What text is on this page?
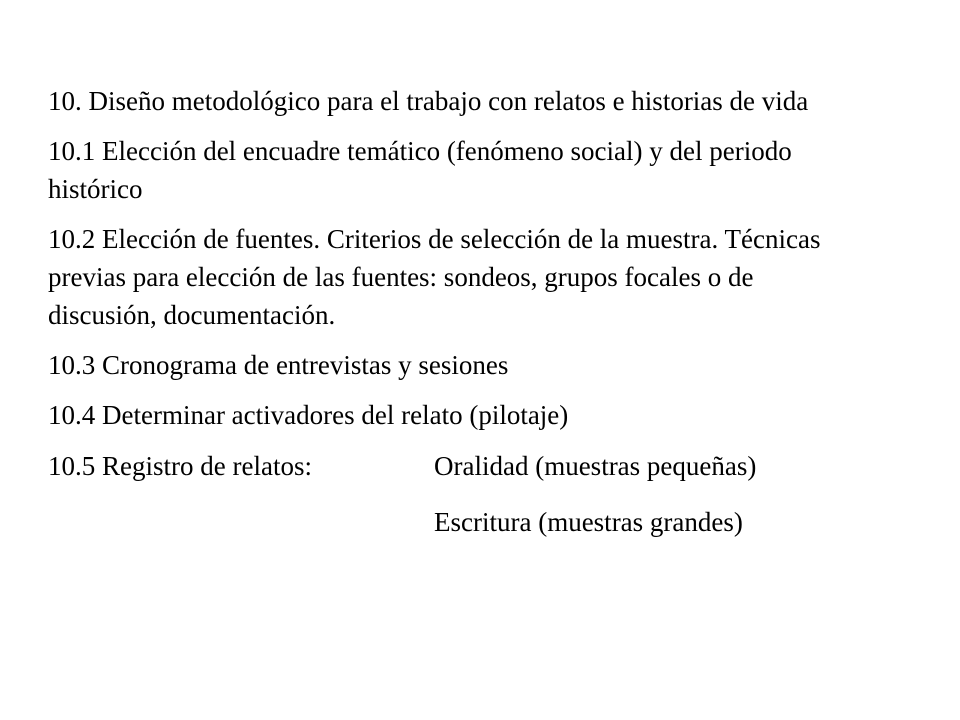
10. Diseño metodológico para el trabajo con relatos e historias de vida

10.1 Elección del encuadre temático (fenómeno social) y del periodo histórico

10.2 Elección de fuentes. Criterios de selección de la muestra. Técnicas previas para elección de las fuentes: sondeos, grupos focales o de discusión, documentación.

10.3 Cronograma de entrevistas y sesiones

10.4 Determinar activadores del relato (pilotaje)

10.5 Registro de relatos:	Oralidad (muestras pequeñas)
Escritura (muestras grandes)
